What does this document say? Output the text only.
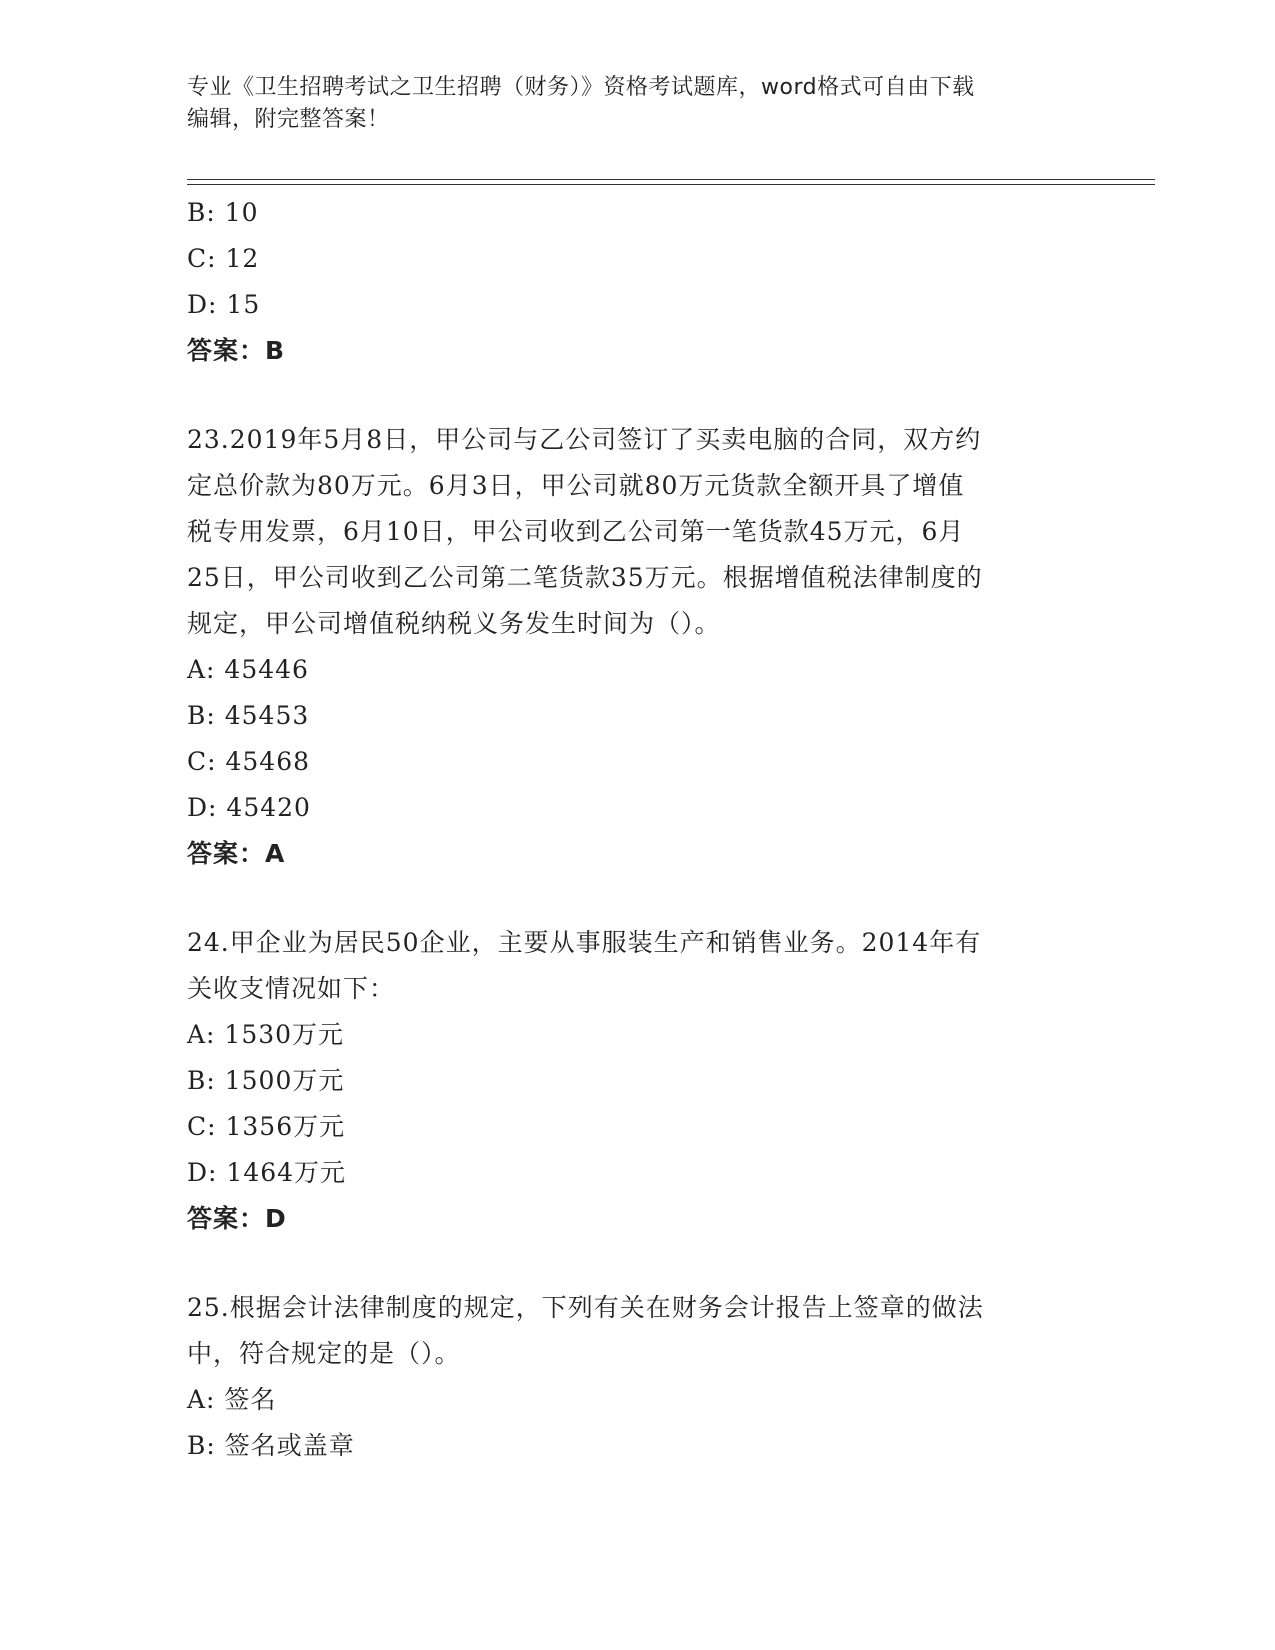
专业《卫生招聘考试之卫生招聘（财务）》资格考试题库，word格式可自由下载
编辑，附完整答案！
B: 10
C: 12
D: 15
答案：B
23.2019年5月8日，甲公司与乙公司签订了买卖电脑的合同，双方约
定总价款为80万元。6月3日，甲公司就80万元货款全额开具了增值
税专用发票，6月10日，甲公司收到乙公司第一笔货款45万元，6月
25日，甲公司收到乙公司第二笔货款35万元。根据增值税法律制度的
规定，甲公司增值税纳税义务发生时间为（）。
A: 45446
B: 45453
C: 45468
D: 45420
答案：A
24.甲企业为居民50企业，主要从事服装生产和销售业务。2014年有
关收支情况如下：
A: 1530万元
B: 1500万元
C: 1356万元
D: 1464万元
答案：D
25.根据会计法律制度的规定，下列有关在财务会计报告上签章的做法
中，符合规定的是（）。
A: 签名
B: 签名或盖章
